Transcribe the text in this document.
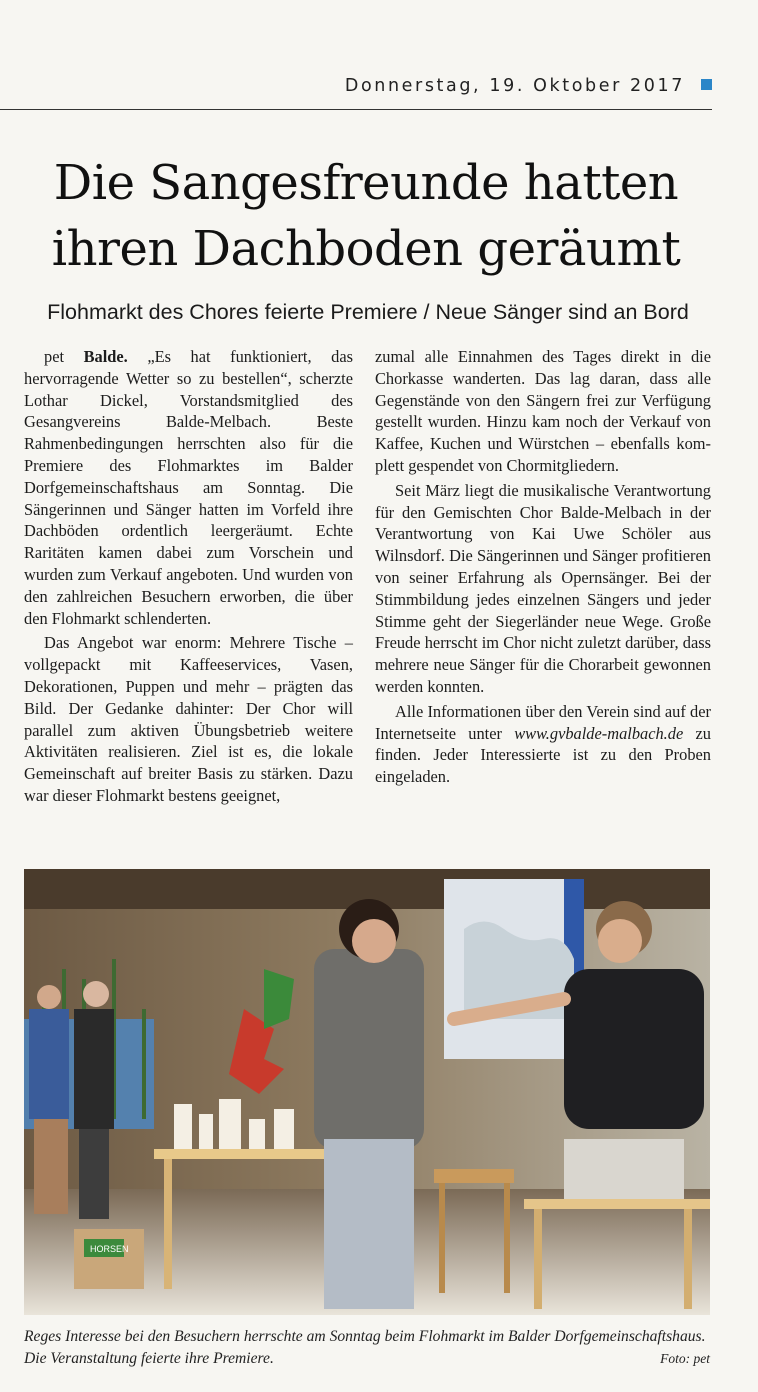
Donnerstag, 19. Oktober 2017
Die Sangesfreunde hatten
ihren Dachboden geräumt
Flohmarkt des Chores feierte Premiere / Neue Sänger sind an Bord

pet Balde. „Es hat funktioniert, das hervorragende Wetter so zu bestellen“, scherzte Lothar Dickel, Vorstandsmitglied des Gesangvereins Balde-Melbach. Beste Rahmenbedingungen herrschten also für die Premiere des Flohmarktes im Balder Dorfgemeinschaftshaus am Sonntag. Die Sängerinnen und Sänger hatten im Vorfeld ihre Dachböden ordentlich leergeräumt. Echte Raritäten kamen dabei zum Vorschein und wurden zum Verkauf angeboten. Und wurden von den zahlreichen Besuchern erworben, die über den Flohmarkt schlenderten.

Das Angebot war enorm: Mehrere Tische – vollgepackt mit Kaffeeservices, Vasen, Dekorationen, Puppen und mehr – prägten das Bild. Der Gedanke dahinter: Der Chor will parallel zum aktiven Übungsbetrieb weitere Aktivitäten realisieren. Ziel ist es, die lokale Gemeinschaft auf breiter Basis zu stärken. Dazu war dieser Flohmarkt bestens geeignet,

zumal alle Einnahmen des Tages direkt in die Chorkasse wanderten. Das lag daran, dass alle Gegenstände von den Sängern frei zur Verfügung gestellt wurden. Hinzu kam noch der Verkauf von Kaffee, Kuchen und Würstchen – ebenfalls komplett gespendet von Chormitgliedern.

Seit März liegt die musikalische Verantwortung für den Gemischten Chor Balde-Melbach in der Verantwortung von Kai Uwe Schöler aus Wilnsdorf. Die Sängerinnen und Sänger profitieren von seiner Erfahrung als Opernsänger. Bei der Stimmbildung jedes einzelnen Sängers und jeder Stimme geht der Siegerländer neue Wege. Große Freude herrscht im Chor nicht zuletzt darüber, dass mehrere neue Sänger für die Chorarbeit gewonnen werden konnten.

Alle Informationen über den Verein sind auf der Internetseite unter www.gvbalde-malbach.de zu finden. Jeder Interessierte ist zu den Proben eingeladen.

HORSEN
Reges Interesse bei den Besuchern herrschte am Sonntag beim Flohmarkt im Balder Dorfgemeinschaftshaus. Die Veranstaltung feierte ihre Premiere.	Foto: pet
